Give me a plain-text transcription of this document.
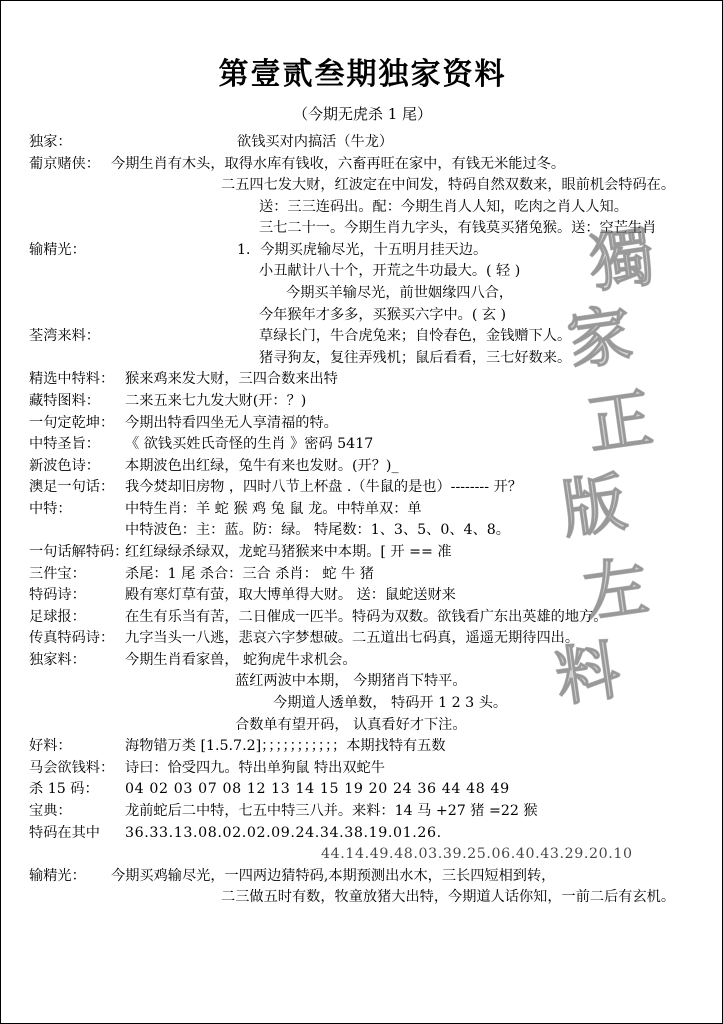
第壹贰叁期独家资料
（今期无虎杀 1 尾）
独家：	欲钱买对内搞活（牛龙）
葡京赌侠： 今期生肖有木头，取得水库有钱收，六畜再旺在家中，有钱无米能过冬。
二五四七发大财，红波定在中间发，特码自然双数来，眼前机会特码在。
送：三三连码出。配：今期生肖人人知，吃肉之肖人人知。
三七二十一。今期生肖九字头，有钱莫买猪兔猴。送：空芒生肖
输精光：	1．今期买虎输尽光，十五明月挂天边。
小丑献计八十个，开荒之牛功最大。( 轻 )
今期买羊输尽光，前世姻缘四八合，
今年猴年才多多，买猴买六字中。( 玄 )
荃湾来料：	草绿长门，牛合虎兔来；自怜春色，金钱赠下人。
猪寻狗友，复往弄残机；鼠后看看，三七好数来。
精选中特料： 猴来鸡来发大财，三四合数来出特
藏特图料：	二来五来七九发大财(开：？)
一句定乾坤： 今期出特看四坐无人享清福的特。
中特圣旨：	《 欲钱买姓氏奇怪的生肖 》密码 5417
新波色诗：	本期波色出红绿，兔牛有来也发财。(开？)_
澳足一句话： 我今焚却旧房物 ，四时八节上杯盘 .（牛鼠的是也）-------- 开？
中特：	中特生肖：羊 蛇 猴 鸡 兔 鼠 龙。中特单双：单
中特波色：主：蓝。防：绿。 特尾数：1、3、5、0、4、8。
一句话解特码：
红红绿绿杀绿双，龙蛇马猪猴来中本期。[ 开 == 准
三件宝：	杀尾：1 尾 杀合：三合 杀肖： 蛇 牛 猪
特码诗：	殿有寒灯草有萤，取大博单得大财。 送：鼠蛇送财来
足球报：	在生有乐当有苦，二日催成一匹半。特码为双数。欲钱看广东出英雄的地方。
传真特码诗： 九字当头一八逃，悲哀六字梦想破。二五道出七码真，遥遥无期待四出。
独家料：	今期生肖看家兽， 蛇狗虎牛求机会。
蓝红两波中本期， 今期猪肖下特平。
今期道人透单数， 特码开 1 2 3 头。
合数单有望开码， 认真看好才下注。
好料：	海物错万类 [1.5.7.2]；；；；；；；；；；；本期找特有五数
马会欲钱料： 诗曰：恰受四九。特出单狗鼠 特出双蛇牛
杀 15 码：	04 02 03 07 08 12 13 14 15 19 20 24 36 44 48 49
宝典：	龙前蛇后二中特，七五中特三八并。来料：14 马 +27 猪 =22 猴
特码在其中	36.33.13.08.02.02.09.24.34.38.19.01.26.
44.14.49.48.03.39.25.06.40.43.29.20.10
输精光：	今期买鸡输尽光，一四两边猜特码,本期预测出水木，三长四短相到转，
二三做五时有数，牧童放猪大出特，今期道人话你知，一前二后有玄机。
獨
家
正
版
左
料
